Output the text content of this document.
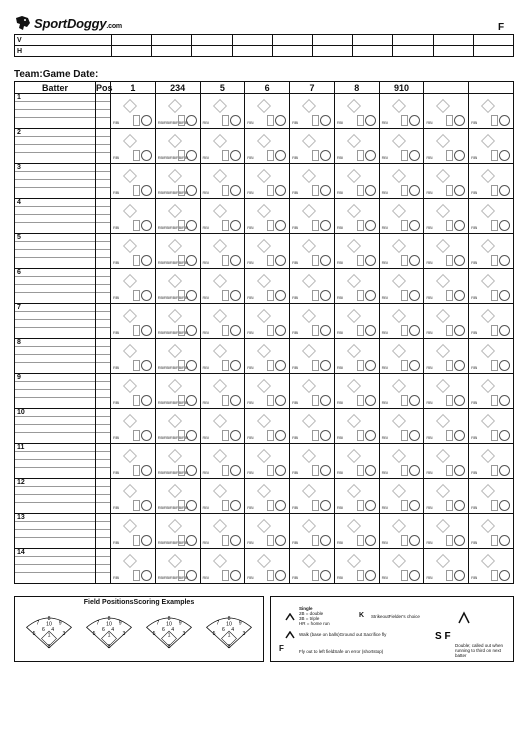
SportDoggy.com	F
V										
H										
Team:Game Date:
Batter	Pos	1	234	5	6	7	8	910		

1		RBI	RBIRBIRBIRBIRBI	RBI	RBI	RBI	RBI	RBI	RBI	RBI

2		RBI	RBIRBIRBIRBIRBI	RBI	RBI	RBI	RBI	RBI	RBI	RBI

3		RBI	RBIRBIRBIRBIRBI	RBI	RBI	RBI	RBI	RBI	RBI	RBI

4		RBI	RBIRBIRBIRBIRBI	RBI	RBI	RBI	RBI	RBI	RBI	RBI

5		RBI	RBIRBIRBIRBIRBI	RBI	RBI	RBI	RBI	RBI	RBI	RBI

6		RBI	RBIRBIRBIRBIRBI	RBI	RBI	RBI	RBI	RBI	RBI	RBI

7		RBI	RBIRBIRBIRBIRBI	RBI	RBI	RBI	RBI	RBI	RBI	RBI

8		RBI	RBIRBIRBIRBIRBI	RBI	RBI	RBI	RBI	RBI	RBI	RBI

9		RBI	RBIRBIRBIRBIRBI	RBI	RBI	RBI	RBI	RBI	RBI	RBI

10		RBI	RBIRBIRBIRBIRBI	RBI	RBI	RBI	RBI	RBI	RBI	RBI

11		RBI	RBIRBIRBIRBIRBI	RBI	RBI	RBI	RBI	RBI	RBI	RBI

12		RBI	RBIRBIRBIRBIRBI	RBI	RBI	RBI	RBI	RBI	RBI	RBI

13		RBI	RBIRBIRBIRBIRBI	RBI	RBI	RBI	RBI	RBI	RBI	RBI

14		RBI	RBIRBIRBIRBIRBI	RBI	RBI	RBI	RBI	RBI	RBI	RBI
Field PositionsScoring Examples
8
7	9
10
6 4
5	3
1
2
8
7	9
10
6 4
5	3
1
2
8
7	9
10
6 4
5	3
1
2
8
7	9
10
6 4
5	3
1
2
Single
2B = double
3B = triple
HR = home run
K StrikeoutFielder's choice
Walk (base on balls)Ground out Sacrifice fly
F	Fly out to left fieldSafe on error (shortstop)
S F
Double; called out when running to third on next batter
